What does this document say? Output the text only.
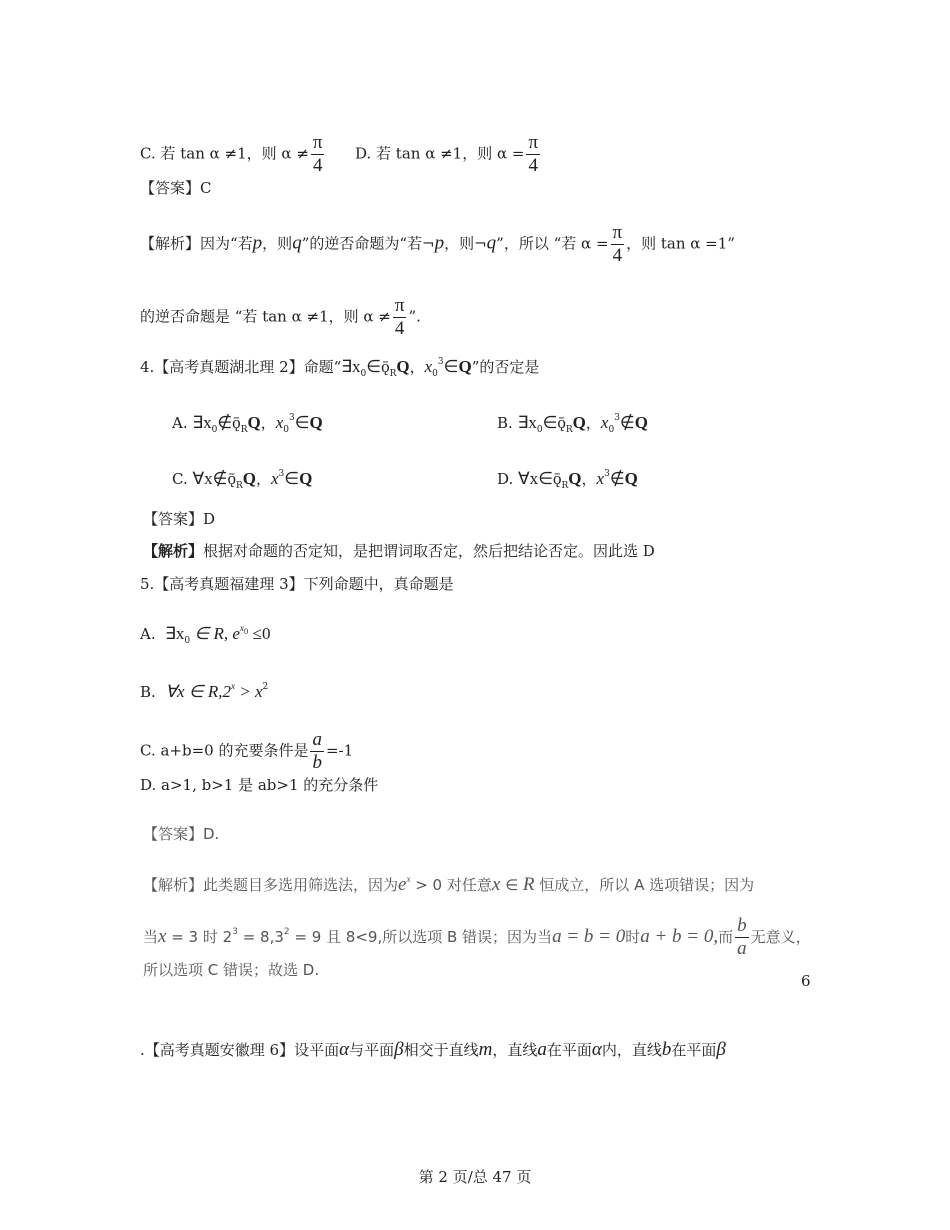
C. 若 tan α ≠1，则 $\alpha \ne \frac{\pi}{4} D$. 若 tan α ≠1，则 $\alpha = \frac{\pi}{4}$
【答案】C
【解析】因为“若p，则q”的逆否命题为“若¬p，则¬q”，所以 “若 $\alpha = \frac{\pi}{4}$ ，则 tan α =1”
的逆否命题是 “若 tan α ≠1，则 $\alpha \ne \frac{\pi}{4}$ ”.
4.【高考真题湖北理 2】命题“$\exists x_0\in ǭ_RQ$，$x_0^3\in Q$”的否定是
A. $\exists x_0\notin ǭ_RQ$，$x_0^3\in Q$	B. $\exists x_0\in ǭ_RQ$，$x_0^3\notin Q$
C. $\forall x\notin ǭ_RQ$，$x^3\in Q$	D. $\forall x\in ǭ_RQ$，$x^3\notin Q$
【答案】D
【解析】根据对命题的否定知，是把谓词取否定，然后把结论否定。因此选 D
5.【高考真题福建理 3】下列命题中，真命题是
A. $\exists x_0$ ∈ R, $e^{x0} \le 0$
B. ∀x ∈ $R,2^x > x^2$
C. a+b=0 的充要条件是 $\frac{a}{b} =-1$
D. a>1, b>1 是 ab>1 的充分条件
【答案】D.
【解析】此类题目多选用筛选法，因为$e^x > 0$ 对任意x ∈ R 恒成立，所以 A 选项错误；因为
当x = 3 时 $2^3 = 8,3^2 = 9$ 且 8<9,所以选项 B 错误；因为当a = b = 0时a + b = 0,而 $\frac{b}{a}$ 无意义，
所以选项 C 错误；故选 D.
6
.【高考真题安徽理 6】设平面α与平面β相交于直线m，直线a在平面α内，直线b在平面β
第 2 页/总 47 页
